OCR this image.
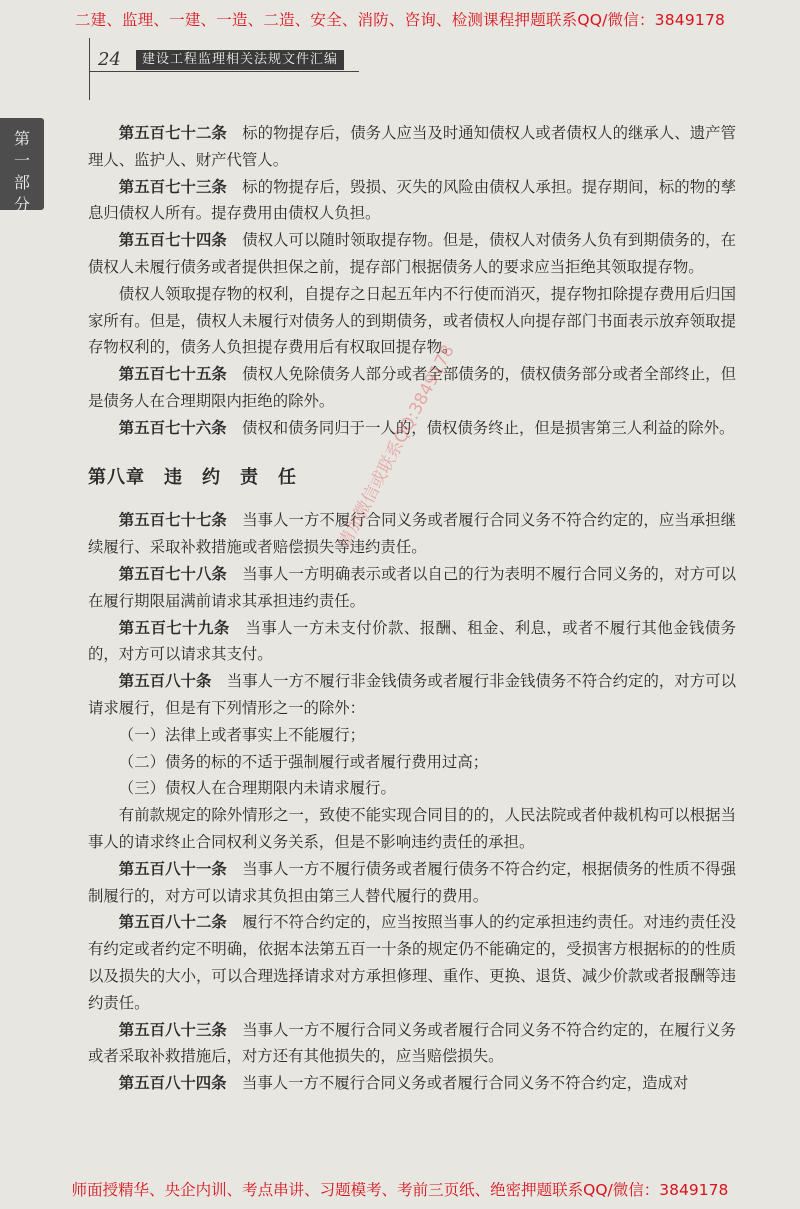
二建、监理、一建、一造、二造、安全、消防、咨询、检测课程押题联系QQ/微信：3849178
24	建设工程监理相关法规文件汇编
第
一
部
分

第五百七十二条　标的物提存后，债务人应当及时通知债权人或者债权人的继承人、遗产管理人、监护人、财产代管人。

第五百七十三条　标的物提存后，毁损、灭失的风险由债权人承担。提存期间，标的物的孳息归债权人所有。提存费用由债权人负担。

第五百七十四条　债权人可以随时领取提存物。但是，债权人对债务人负有到期债务的，在债权人未履行债务或者提供担保之前，提存部门根据债务人的要求应当拒绝其领取提存物。

债权人领取提存物的权利，自提存之日起五年内不行使而消灭，提存物扣除提存费用后归国家所有。但是，债权人未履行对债务人的到期债务，或者债权人向提存部门书面表示放弃领取提存物权利的，债务人负担提存费用后有权取回提存物。

第五百七十五条　债权人免除债务人部分或者全部债务的，债权债务部分或者全部终止，但是债务人在合理期限内拒绝的除外。

第五百七十六条　债权和债务同归于一人的，债权债务终止，但是损害第三人利益的除外。

第八章　违　约　责　任

第五百七十七条　当事人一方不履行合同义务或者履行合同义务不符合约定的，应当承担继续履行、采取补救措施或者赔偿损失等违约责任。

第五百七十八条　当事人一方明确表示或者以自己的行为表明不履行合同义务的，对方可以在履行期限届满前请求其承担违约责任。

第五百七十九条　当事人一方未支付价款、报酬、租金、利息，或者不履行其他金钱债务的，对方可以请求其支付。

第五百八十条　当事人一方不履行非金钱债务或者履行非金钱债务不符合约定的，对方可以请求履行，但是有下列情形之一的除外：

（一）法律上或者事实上不能履行；

（二）债务的标的不适于强制履行或者履行费用过高；

（三）债权人在合理期限内未请求履行。

有前款规定的除外情形之一，致使不能实现合同目的的，人民法院或者仲裁机构可以根据当事人的请求终止合同权利义务关系，但是不影响违约责任的承担。

第五百八十一条　当事人一方不履行债务或者履行债务不符合约定，根据债务的性质不得强制履行的，对方可以请求其负担由第三人替代履行的费用。

第五百八十二条　履行不符合约定的，应当按照当事人的约定承担违约责任。对违约责任没有约定或者约定不明确，依据本法第五百一十条的规定仍不能确定的，受损害方根据标的的性质以及损失的大小，可以合理选择请求对方承担修理、重作、更换、退货、减少价款或者报酬等违约责任。

第五百八十三条　当事人一方不履行合同义务或者履行合同义务不符合约定的，在履行义务或者采取补救措施后，对方还有其他损失的，应当赔偿损失。

第五百八十四条　当事人一方不履行合同义务或者履行合同义务不符合约定，造成对

请加微信或联系QQ:3849178
师面授精华、央企内训、考点串讲、习题模考、考前三页纸、绝密押题联系QQ/微信：3849178
